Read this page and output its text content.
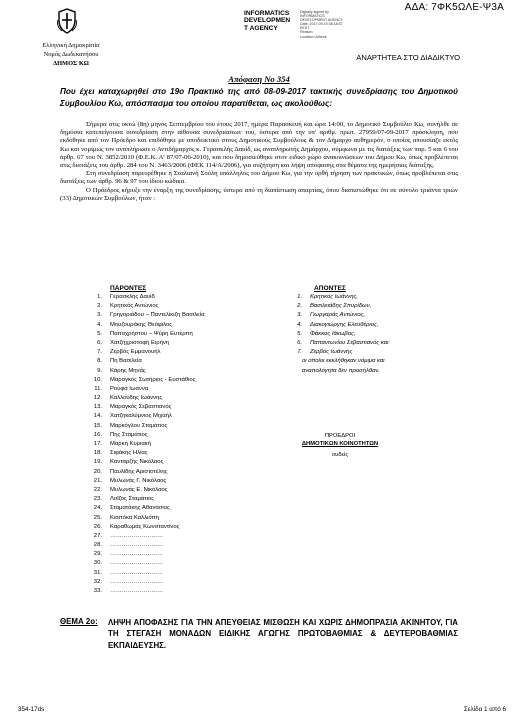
ΑΔΑ: 7ΦΚ5ΩΛΕ-Ψ3Α
Ελληνική Δημοκρατία
Νομός Δωδεκανήσου
ΔΗΜΟΣ ΚΩ
INFORMATICS
DEVELOPMEN
T AGENCY
Digitally signed by
INFORMATICS
DEVELOPMENT AGENCY
Date: 2017.09.15 08:18:57
EEST
Reason:
Location: Athens
ΑΝΑΡΤΗΤΕΑ ΣΤΟ ΔΙΑΔΙΚΤΥΟ
Απόφαση Νο 354
Που έχει καταχωρηθεί στο 19ο Πρακτικό της από 08-09-2017 τακτικής συνεδρίασης του Δημοτικού Συμβουλίου Κω, απόσπασμα του οποίου παρατίθεται, ως ακολούθως:

Σήμερα στις οκτώ (8η) μηνός Σεπτεμβρίου του έτους 2017, ημέρα Παρασκευή και ώρα 14:00, το Δημοτικό Συμβούλιο Κω, συνήλθε σε δημόσια κατεπείγουσα συνεδρίαση στην αίθουσα συνεδριάσεων του, ύστερα από την υπ' αριθμ. πρωτ. 27959/07-09-2017 πρόσκληση, που εκδόθηκε από τον Πρόεδρο και επιδόθηκε με αποδεικτικό στους Δημοτικούς Συμβούλους & τον Δήμαρχο αυθημερόν, ο οποίος απουσίαζε εκτός Κω και νομίμως τον αναπλήρωσε ο Αντιδήμαρχος κ. Γερασκλής Δαυίδ, ως αναπληρωτής Δημάρχου, σύμφωνα με τις διατάξεις των παρ. 5 και 6 του άρθρ. 67 του Ν. 3852/2010 (Φ.Ε.Κ. Α' 87/07-06-2010), και που δημοσιεύθηκε στον ειδικό χώρο ανακοινώσεων του Δήμου Κω, όπως προβλέπεται στις διατάξεις του άρθρ. 284 του Ν. 3463/2006 (ΦΕΚ 114/Α/2006), για συζήτηση και λήψη απόφασης στα θέματα της ημερήσιας διάταξης.

Στη συνεδρίαση παρευρέθηκε η Σταλιανή Σούλη υπάλληλος του Δήμου Κω, για την ορθή τήρηση των πρακτικών, όπως προβλέπεται στις διατάξεις των άρθρ. 96 & 97 του ίδιου κώδικα.

Ο Πρόεδρος κήρυξε την έναρξη της συνεδρίασης, ύστερα από τη διαπίστωση απαρτίας, όπου διαπιστώθηκε ότι σε σύνολο τριάντα τριών (33) Δημοτικών Συμβούλων, ήταν :

ΠΑΡΟΝΤΕΣ
1. Γερασκλής Δαυίδ
2. Κρητικός Αντώνιος
3. Γρηγοριάδου – Παντελίκιζη Βασιλεία
4. Μουζουράκης Θεόφιλος
5. Παπαχρήστου – Ψύρη Ευτέρπη
6. Χατζηχριστοφή Ειρήνη
7. Ζερβός Εμμανουήλ
8. Πη Βασιλεία
9. Κάρης Μηνάς
10. Μαραγκός Σωτήριος - Ευστάθιος
11. Ρούφα Ιωάννα
12. Καλλούδης Ιωάννης
13. Μαραγκός Σεβαστιανός
14. Χατζηκαλύμνιος Μιχαήλ
15. Μαρκόγλου Σταμάτιος
16. Πης Σταμάτιος
17. Μαρκή Κυριακή
18. Σιφάκης Ηλίας
19. Κανταρζής Νικόλαος
20. Παυλίδης Αριστοτέλης
21. Μυλωνάς Γ. Νικόλαος
22. Μυλωνάς Ε. Νικόλαος
23. Λοΐζος Σταμάτιος
24. Σταματάκης Αθανάσιος
25. Κιαπόκα Καλλιόπη
26. Καραθωμάς Κωνσταντίνος
27. ………………………
28. ………………………
29. ………………………
30. ………………………
31. ………………………
32. ………………………
33. ………………………
ΑΠΟΝΤΕΣ
1. Κρητικός Ιωάννης,
2. Βασιλειάδης Σπυρίδων,
3. Γιωργαράς Αντώνιος,
4. Διακογιώργης Ελευθέριος,
5. Φάκκος Ιάκωβος,
6. Παπαντωνίου Σεβαστιανός και:
7. Ζερβός Ιωάννης
οι οποίοι εκκλήθηκαν νόμιμα και
αναπολόγητα δεν προσήλθαν.
ΠΡΟΕΔΡΟΙ
ΔΗΜΟΤΙΚΩΝ ΚΟΙΝΟΤΗΤΩΝ
ουδείς
ΘΕΜΑ 2ο: ΛΗΨΗ ΑΠΟΦΑΣΗΣ ΓΙΑ ΤΗΝ ΑΠΕΥΘΕΙΑΣ ΜΙΣΘΩΣΗ ΚΑΙ ΧΩΡΙΣ ΔΗΜΟΠΡΑΣΙΑ ΑΚΙΝΗΤΟΥ, ΓΙΑ ΤΗ ΣΤΕΓΑΣΗ ΜΟΝΑΔΩΝ ΕΙΔΙΚΗΣ ΑΓΩΓΗΣ ΠΡΩΤΟΒΑΘΜΙΑΣ & ΔΕΥΤΕΡΟΒΑΘΜΙΑΣ ΕΚΠΑΙΔΕΥΣΗΣ.
354-17ds	Σελίδα 1 από 6
